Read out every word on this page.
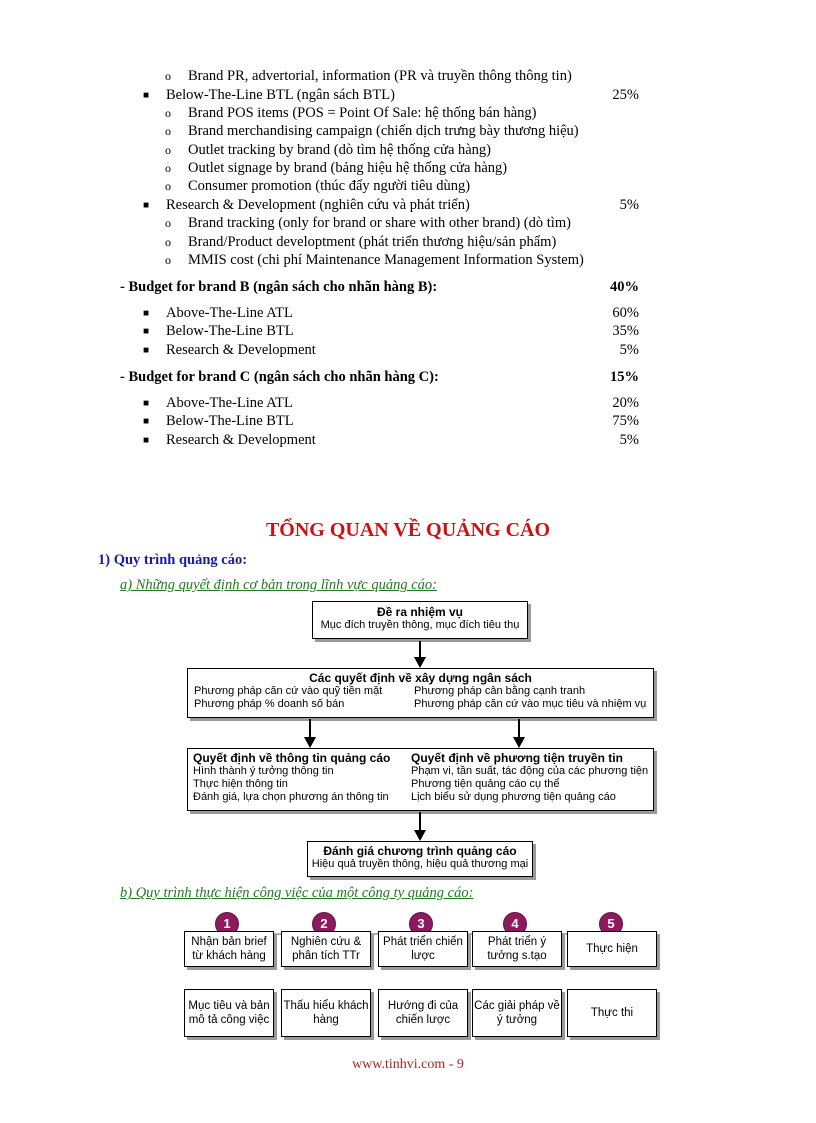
o Brand PR, advertorial, information (PR và truyền thông thông tin)
■ Below-The-Line BTL (ngân sách BTL)	25%
o Brand POS items (POS = Point Of Sale: hệ thống bán hàng)
o Brand merchandising campaign (chiến dịch trưng bày thương hiệu)
o Outlet tracking by brand (dò tìm hệ thống cửa hàng)
o Outlet signage by brand (bảng hiệu hệ thống cửa hàng)
o Consumer promotion (thúc đẩy người tiêu dùng)
■ Research & Development (nghiên cứu và phát triển)	5%
o Brand tracking (only for brand or share with other brand) (dò tìm)
o Brand/Product developtment (phát triển thương hiệu/sản phẩm)
o MMIS cost (chi phí Maintenance Management Information System)
- Budget for brand B (ngân sách cho nhãn hàng B):	40%
■ Above-The-Line ATL	60%
■ Below-The-Line BTL	35%
■ Research & Development	5%
- Budget for brand C (ngân sách cho nhãn hàng C):	15%
■ Above-The-Line ATL	20%
■ Below-The-Line BTL	75%
■ Research & Development	5%
TỔNG QUAN VỀ QUẢNG CÁO
1) Quy trình quảng cáo:
a) Những quyết định cơ bản trong lĩnh vực quảng cáo:
Đề ra nhiệm vụ
Mục đích truyền thông, mục đích tiêu thụ
Các quyết định về xây dựng ngân sách
Phương pháp căn cứ vào quỹ tiền mặt
Phương pháp % doanh số bán
Phương pháp cân bằng cạnh tranh
Phương pháp căn cứ vào mục tiêu và nhiệm vụ
Quyết định về thông tin quảng cáo
Hình thành ý tưởng thông tin
Thực hiện thông tin
Đánh giá, lựa chọn phương án thông tin
Quyết định về phương tiện truyền tin
Phạm vi, tần suất, tác động của các phương tiện
Phương tiện quảng cáo cụ thể
Lịch biểu sử dụng phương tiện quảng cáo
Đánh giá chương trình quảng cáo
Hiệu quả truyền thông, hiệu quả thương mại
b) Quy trình thực hiện công việc của một công ty quảng cáo:
1
Nhận bản brief từ khách hàng
Mục tiêu và bản mô tả công việc
2
Nghiên cứu & phân tích TTr
Thấu hiểu khách hàng
3
Phát triển chiến lược
Hướng đi của chiến lược
4
Phát triển ý tưởng s.tạo
Các giải pháp về ý tưởng
5
Thực hiện
Thực thi
www.tinhvi.com - 9
